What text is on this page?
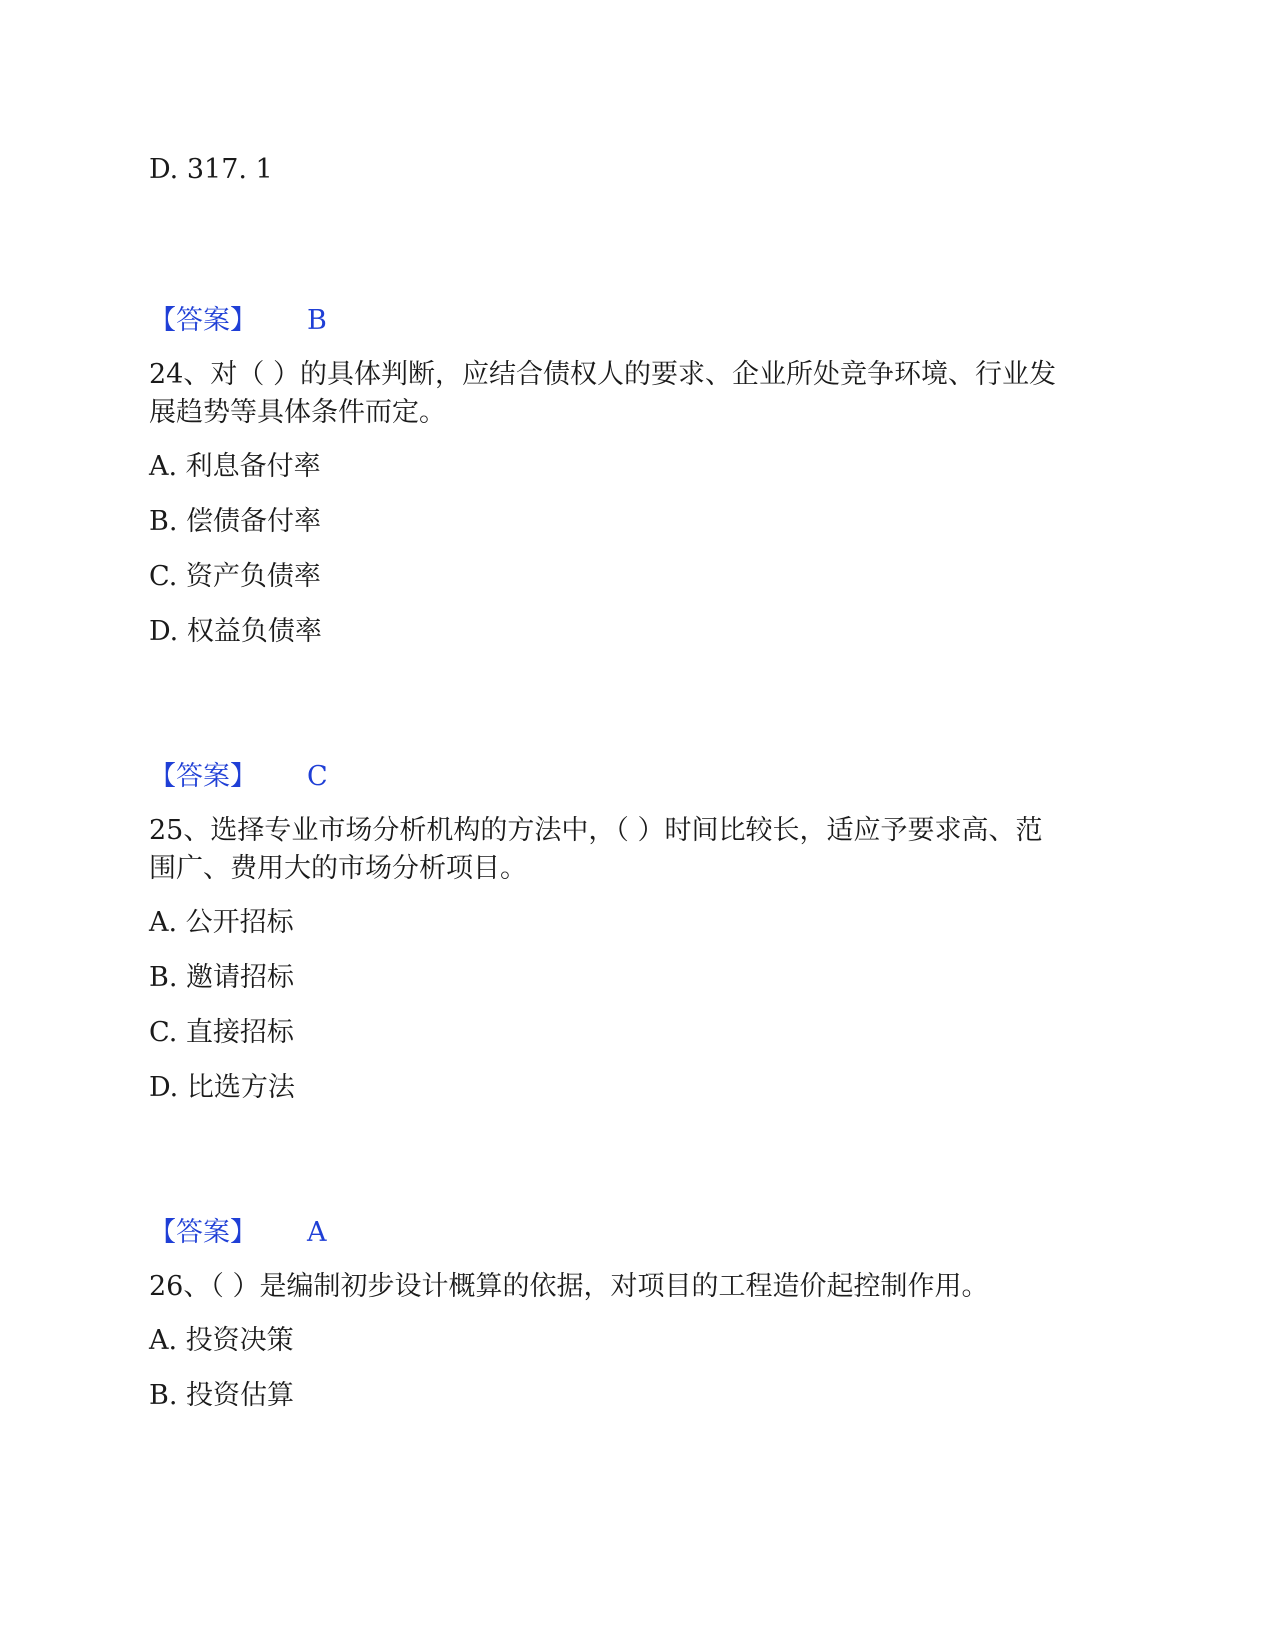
D. 317. 1
【答案】 B
24、对（ ）的具体判断，应结合债权人的要求、企业所处竞争环境、行业发
展趋势等具体条件而定。
A. 利息备付率
B. 偿债备付率
C. 资产负债率
D. 权益负债率
【答案】 C
25、选择专业市场分析机构的方法中，（ ）时间比较长，适应予要求高、范
围广、费用大的市场分析项目。
A. 公开招标
B. 邀请招标
C. 直接招标
D. 比选方法
【答案】 A
26、（ ）是编制初步设计概算的依据，对项目的工程造价起控制作用。
A. 投资决策
B. 投资估算
